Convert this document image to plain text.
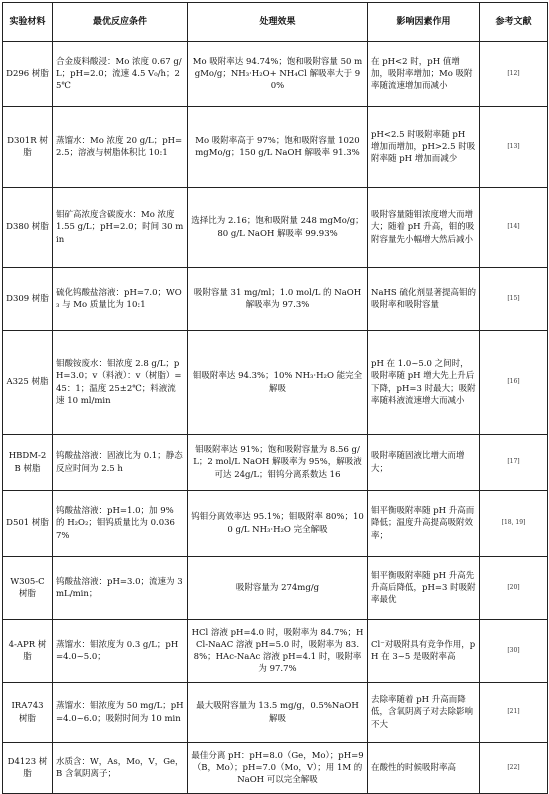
实验材料	最优反应条件	处理效果	影响因素作用	参考文献
D296 树脂	合金废料酸浸：Mo 浓度 0.67 g/L；pH=2.0；流速 4.5 V₀/h；25℃	Mo 吸附率达 94.74%；饱和吸附容量 50 mgMo/g；NH₃·H₂O+ NH₄Cl 解吸率大于 90%	在 pH<2 时，pH 值增加，吸附率增加；Mo 吸附率随流速增加而减小	[12]
D301R 树脂	蒸馏水：Mo 浓度 20 g/L；pH=2.5；溶液与树脂体积比 10:1	Mo 吸附率高于 97%；饱和吸附容量 1020 mgMo/g；150 g/L NaOH 解吸率 91.3%	pH<2.5 时吸附率随 pH 增加而增加，pH>2.5 时吸附率随 pH 增加而减少	[13]
D380 树脂	钼矿高浓度含碳废水：Mo 浓度 1.55 g/L；pH=2.0；时间 30 min	选择比为 2.16；饱和吸附量 248 mgMo/g；80 g/L NaOH 解吸率 99.93%	吸附容量随钼浓度增大而增大；随着 pH 升高，钼的吸附容量先小幅增大然后减小	[14]
D309 树脂	硫化钨酸盐溶液：pH=7.0；WO₃ 与 Mo 质量比为 10:1	吸附容量 31 mg/ml；1.0 mol/L 的 NaOH 解吸率为 97.3%	NaHS 硫化剂显著提高钼的吸附率和吸附容量	[15]
A325 树脂	钼酸铵废水：钼浓度 2.8 g/L；pH=3.0；v（料液）：v（树脂）=45：1；温度 25±2℃；料液流速 10 ml/min	钼吸附率达 94.3%；10% NH₃·H₂O 能完全解吸	pH 在 1.0~5.0 之间时，吸附率随 pH 增大先上升后下降，pH=3 时最大；吸附率随料液流速增大而减小	[16]
HBDM-2B 树脂	钨酸盐溶液：固液比为 0.1；静态反应时间为 2.5 h	钼吸附率达 91%；饱和吸附容量为 8.56 g/L；2 mol/L NaOH 解吸率为 95%，解吸液可达 24g/L；钼钨分离系数达 16	吸附率随固液比增大而增大；	[17]
D501 树脂	钨酸盐溶液：pH=1.0；加 9% 的 H₂O₂；钼钨质量比为 0.0367%	钨钼分离效率达 95.1%；钼吸附率 80%；100 g/L NH₃·H₂O 完全解吸	钼平衡吸附率随 pH 升高而降低；温度升高提高吸附效率；	[18, 19]
W305-C 树脂	钨酸盐溶液：pH=3.0；流速为 3 mL/min；	吸附容量为 274mg/g	钼平衡吸附率随 pH 升高先升高后降低，pH=3 时吸附率最优	[20]
4-APR 树脂	蒸馏水：钼浓度为 0.3 g/L；pH=4.0~5.0；	HCl 溶液 pH=4.0 时，吸附率为 84.7%；HCl-NaAC 溶液 pH=5.0 时，吸附率为 83.8%；HAc-NaAc 溶液 pH=4.1 时，吸附率为 97.7%	Cl⁻对吸附具有竞争作用，pH 在 3~5 是吸附率高	[30]
IRA743 树脂	蒸馏水：钼浓度为 50 mg/L；pH=4.0~6.0；吸附时间为 10 min	最大吸附容量为 13.5 mg/g，0.5%NaOH 解吸	去除率随着 pH 升高而降低，含氧阴离子对去除影响不大	[21]
D4123 树脂	水质含：W，As，Mo，V，Ge，B 含氧阴离子；	最佳分离 pH：pH=8.0（Ge，Mo）；pH=9（B，Mo）；pH=7.0（Mo，V）；用 1M 的 NaOH 可以完全解吸	在酸性的时候吸附率高	[22]
